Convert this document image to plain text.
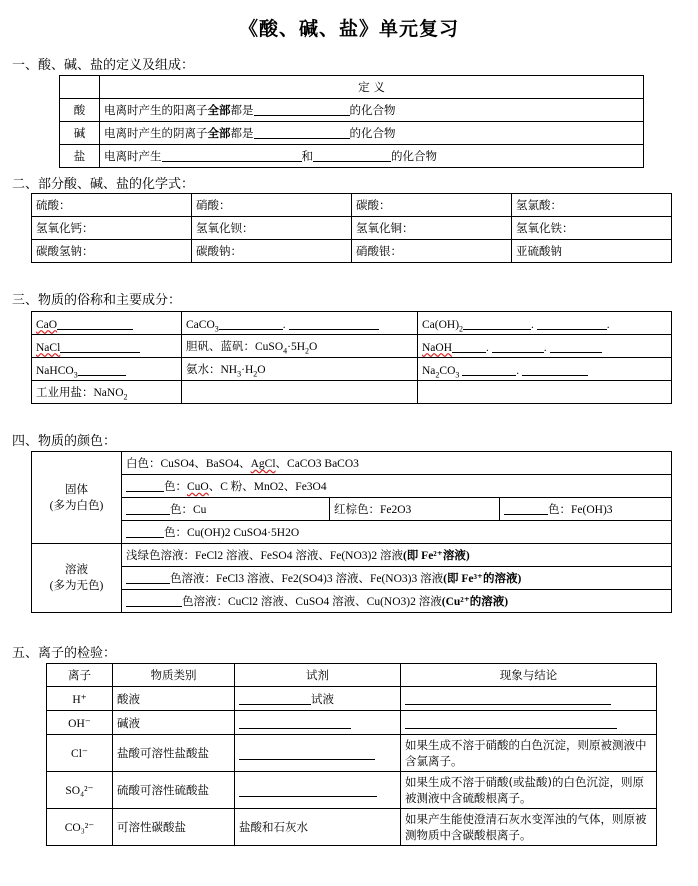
《酸、碱、盐》单元复习
一、酸、碱、盐的定义及组成：
	定 义
酸	电离时产生的阳离子全部都是 的化合物
碱	电离时产生的阴离子全部都是 的化合物
盐	电离时产生 和 的化合物
二、部分酸、碱、盐的化学式：
硫酸：	硝酸：	碳酸：	氢氯酸：
氢氧化钙：	氢氧化钡：	氢氧化铜：	氢氧化铁：
碳酸氢钠：	碳酸钠：	硝酸银：	亚硫酸钠
三、物质的俗称和主要成分：
CaO	CaCO$_3$ .	$Ca(OH)_2$ . .
NaCl	胆矾、蓝矾：$CuSO_4\cdot 5H_2O$	NaOH . .
NaHCO$_3$	氨水：$NH_3\cdot H_2O$	$Na_2CO_3$ .
工业用盐：NaNO$_2$		
四、物质的颜色：
固体
(多为白色)	白色：CuSO4、BaSO4、AgCl、CaCO3 BaCO3		
	色：CuO、C 粉、MnO2、Fe3O4		
	色：Cu	红棕色：Fe2O3	色：Fe(OH)3
	色：Cu(OH)2 CuSO4·5H2O		

溶液
(多为无色)	浅绿色溶液：FeCl2 溶液、FeSO4 溶液、Fe(NO3)2 溶液(即 Fe²⁺溶液)		
	色溶液：FeCl3 溶液、Fe2(SO4)3 溶液、Fe(NO3)3 溶液(即 Fe³⁺的溶液)		
	色溶液：CuCl2 溶液、CuSO4 溶液、Cu(NO3)2 溶液(Cu²⁺的溶液)		
五、离子的检验：
离子	物质类别	试剂	现象与结论
H⁺	酸液	试液	
OH⁻	碱液		
Cl⁻	盐酸可溶性盐酸盐		如果生成不溶于硝酸的白色沉淀，则原被测液中含氯离子。
SO₄²⁻	硫酸可溶性硫酸盐		如果生成不溶于硝酸(或盐酸)的白色沉淀，则原被测液中含硫酸根离子。
CO₃²⁻	可溶性碳酸盐	盐酸和石灰水	如果产生能使澄清石灰水变浑浊的气体，则原被测物质中含碳酸根离子。
